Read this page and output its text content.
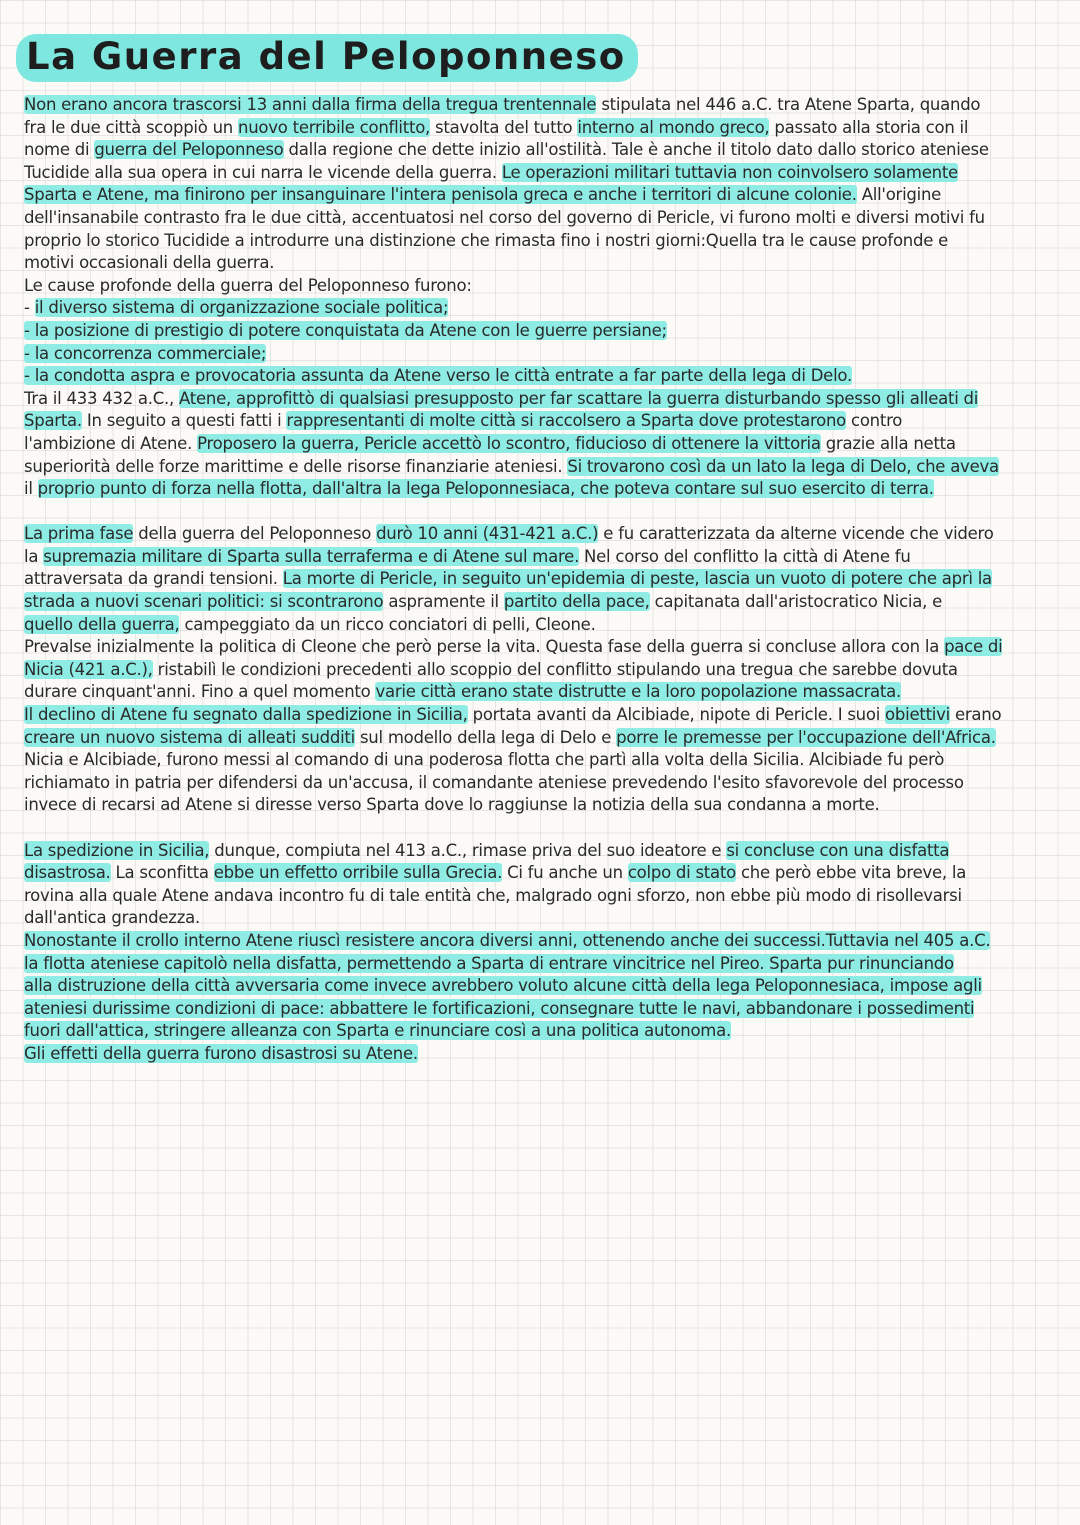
La Guerra del Peloponneso
Non erano ancora trascorsi 13 anni dalla firma della tregua trentennale stipulata nel 446 a.C. tra Atene Sparta, quando
fra le due città scoppiò un nuovo terribile conflitto, stavolta del tutto interno al mondo greco, passato alla storia con il
nome di guerra del Peloponneso dalla regione che dette inizio all'ostilità. Tale è anche il titolo dato dallo storico ateniese
Tucidide alla sua opera in cui narra le vicende della guerra. Le operazioni militari tuttavia non coinvolsero solamente
Sparta e Atene, ma finirono per insanguinare l'intera penisola greca e anche i territori di alcune colonie. All'origine
dell'insanabile contrasto fra le due città, accentuatosi nel corso del governo di Pericle, vi furono molti e diversi motivi fu
proprio lo storico Tucidide a introdurre una distinzione che rimasta fino i nostri giorni:Quella tra le cause profonde e
motivi occasionali della guerra.
Le cause profonde della guerra del Peloponneso furono:
- il diverso sistema di organizzazione sociale politica;
- la posizione di prestigio di potere conquistata da Atene con le guerre persiane;
- la concorrenza commerciale;
- la condotta aspra e provocatoria assunta da Atene verso le città entrate a far parte della lega di Delo.
Tra il 433 432 a.C., Atene, approfittò di qualsiasi presupposto per far scattare la guerra disturbando spesso gli alleati di
Sparta. In seguito a questi fatti i rappresentanti di molte città si raccolsero a Sparta dove protestarono contro
l'ambizione di Atene. Proposero la guerra, Pericle accettò lo scontro, fiducioso di ottenere la vittoria grazie alla netta
superiorità delle forze marittime e delle risorse finanziarie ateniesi. Si trovarono così da un lato la lega di Delo, che aveva
il proprio punto di forza nella flotta, dall'altra la lega Peloponnesiaca, che poteva contare sul suo esercito di terra.
La prima fase della guerra del Peloponneso durò 10 anni (431-421 a.C.) e fu caratterizzata da alterne vicende che videro
la supremazia militare di Sparta sulla terraferma e di Atene sul mare. Nel corso del conflitto la città di Atene fu
attraversata da grandi tensioni. La morte di Pericle, in seguito un'epidemia di peste, lascia un vuoto di potere che aprì la
strada a nuovi scenari politici: si scontrarono aspramente il partito della pace, capitanata dall'aristocratico Nicia, e
quello della guerra, campeggiato da un ricco conciatori di pelli, Cleone.
Prevalse inizialmente la politica di Cleone che però perse la vita. Questa fase della guerra si concluse allora con la pace di
Nicia (421 a.C.), ristabilì le condizioni precedenti allo scoppio del conflitto stipulando una tregua che sarebbe dovuta
durare cinquant'anni. Fino a quel momento varie città erano state distrutte e la loro popolazione massacrata.
Il declino di Atene fu segnato dalla spedizione in Sicilia, portata avanti da Alcibiade, nipote di Pericle. I suoi obiettivi erano
creare un nuovo sistema di alleati sudditi sul modello della lega di Delo e porre le premesse per l'occupazione dell'Africa.
Nicia e Alcibiade, furono messi al comando di una poderosa flotta che partì alla volta della Sicilia. Alcibiade fu però
richiamato in patria per difendersi da un'accusa, il comandante ateniese prevedendo l'esito sfavorevole del processo
invece di recarsi ad Atene si diresse verso Sparta dove lo raggiunse la notizia della sua condanna a morte.
La spedizione in Sicilia, dunque, compiuta nel 413 a.C., rimase priva del suo ideatore e si concluse con una disfatta
disastrosa. La sconfitta ebbe un effetto orribile sulla Grecia. Ci fu anche un colpo di stato che però ebbe vita breve, la
rovina alla quale Atene andava incontro fu di tale entità che, malgrado ogni sforzo, non ebbe più modo di risollevarsi
dall'antica grandezza.
Nonostante il crollo interno Atene riuscì resistere ancora diversi anni, ottenendo anche dei successi.Tuttavia nel 405 a.C.
la flotta ateniese capitolò nella disfatta, permettendo a Sparta di entrare vincitrice nel Pireo. Sparta pur rinunciando
alla distruzione della città avversaria come invece avrebbero voluto alcune città della lega Peloponnesiaca, impose agli
ateniesi durissime condizioni di pace: abbattere le fortificazioni, consegnare tutte le navi, abbandonare i possedimenti
fuori dall'attica, stringere alleanza con Sparta e rinunciare così a una politica autonoma.
Gli effetti della guerra furono disastrosi su Atene.
